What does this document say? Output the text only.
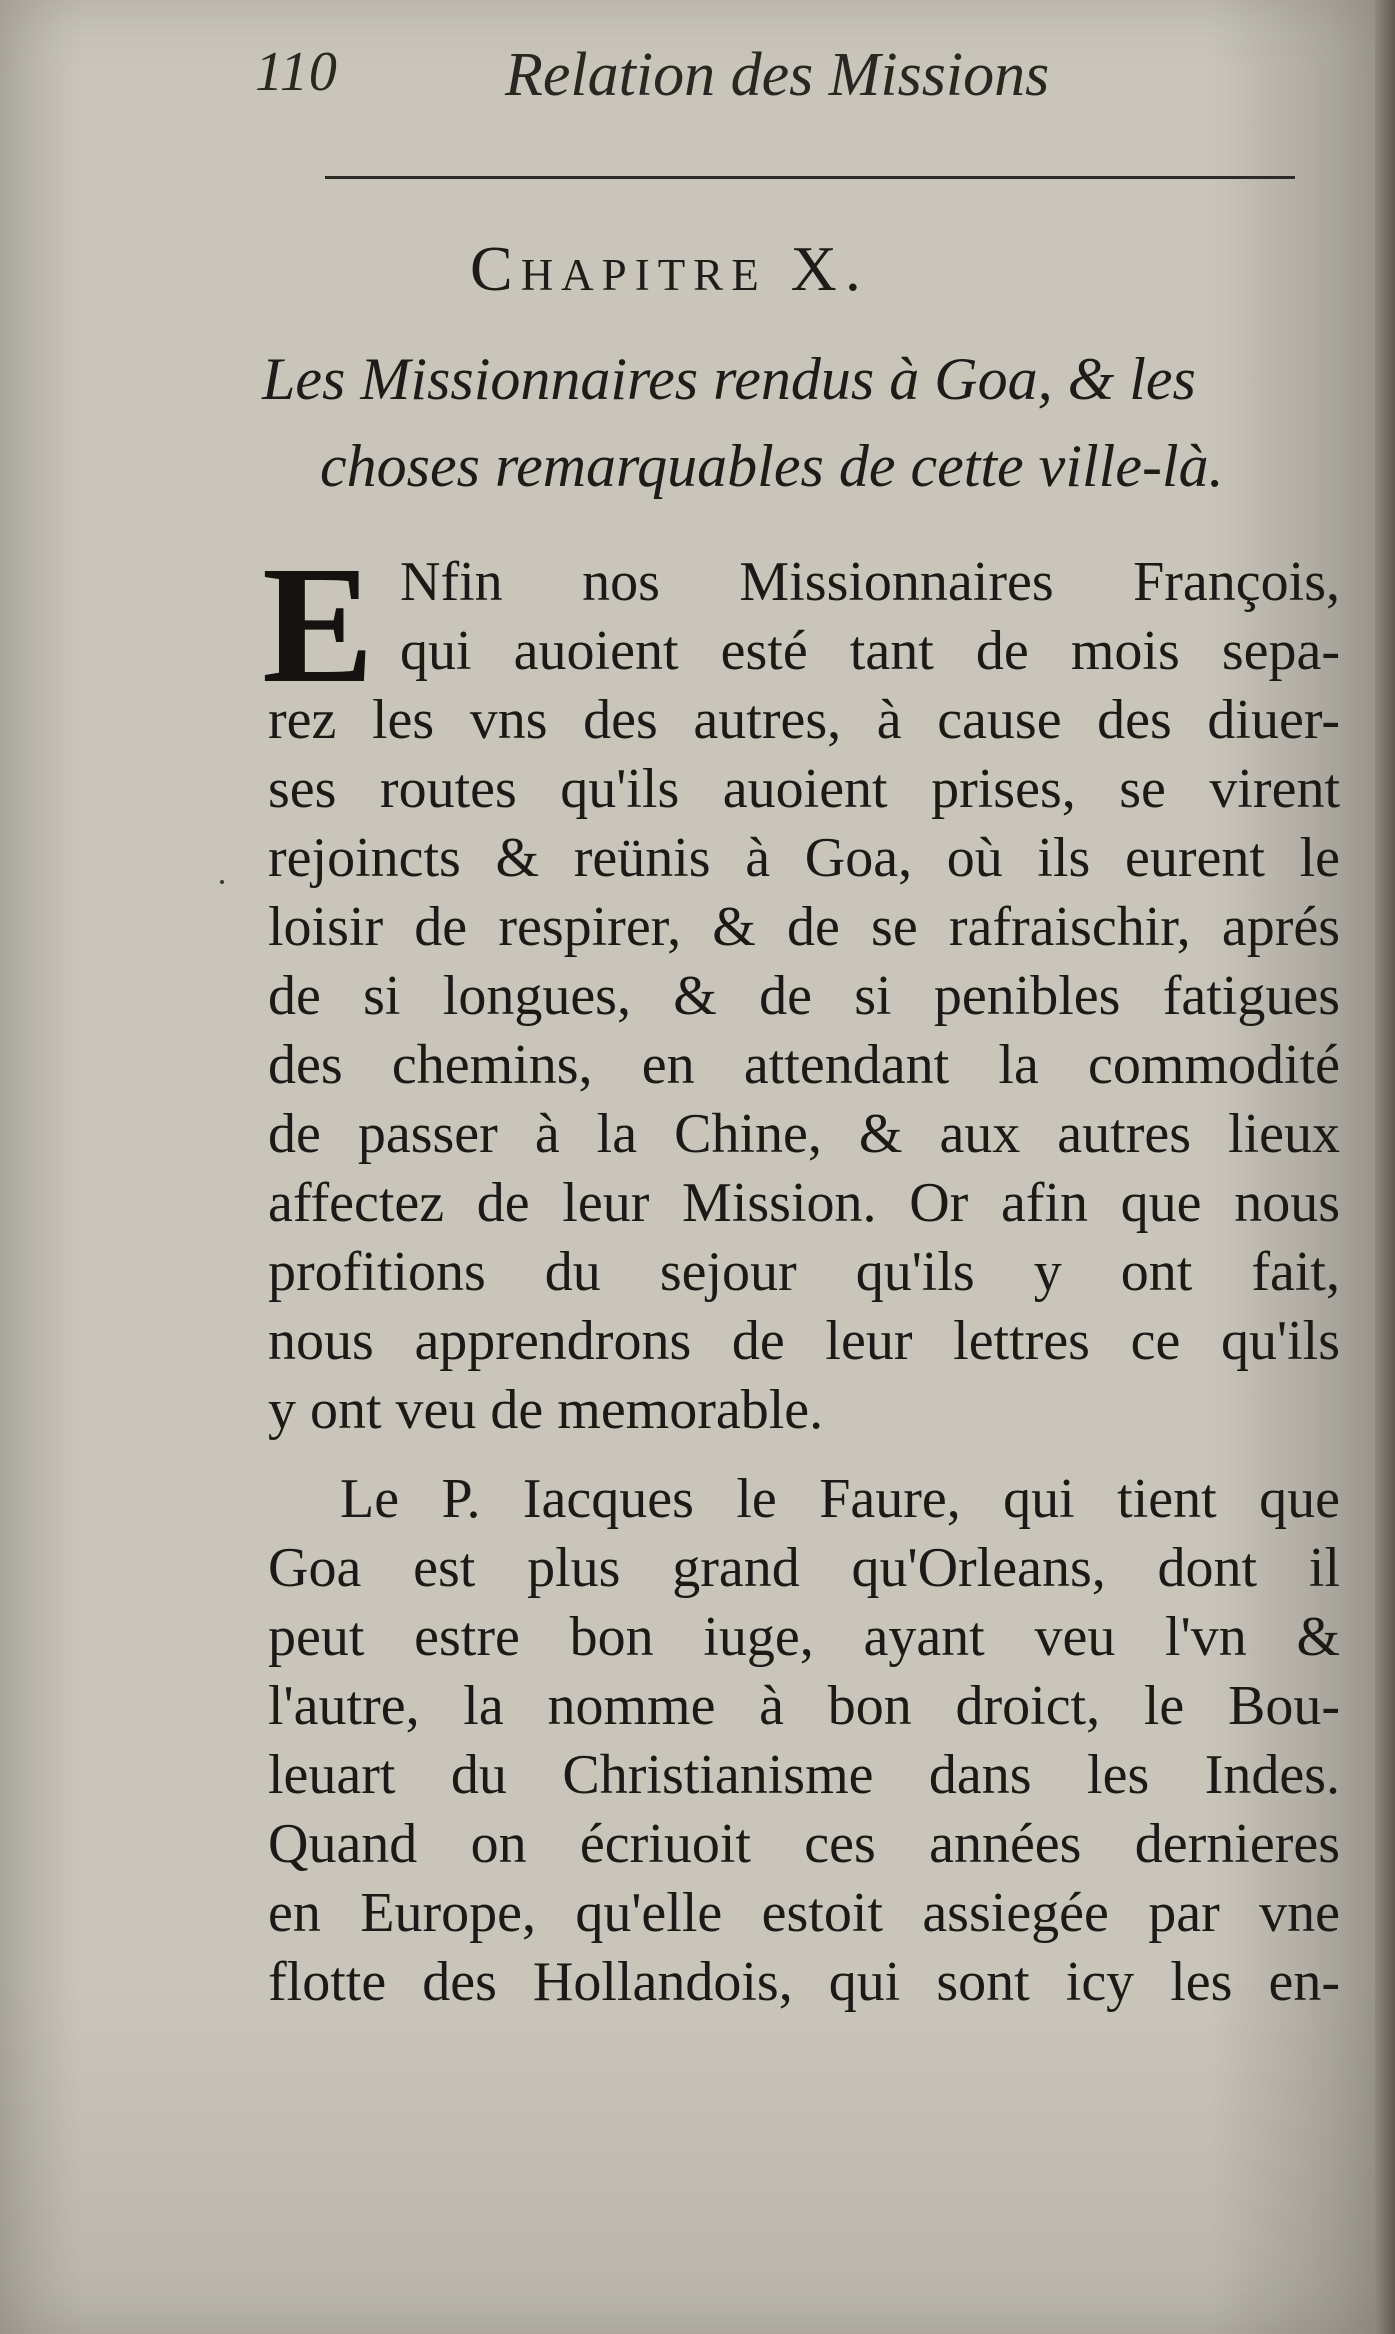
110	Relation des Missions
Chapitre X.
Les Missionnaires rendus à Goa, & les
choses remarquables de cette ville-là.
E Nfin nos Missionnaires François,
qui auoient esté tant de mois sepa-
rez les vns des autres, à cause des diuer-
ses routes qu'ils auoient prises, se virent
rejoincts & reünis à Goa, où ils eurent le
loisir de respirer, & de se rafraischir, aprés
de si longues, & de si penibles fatigues
des chemins, en attendant la commodité
de passer à la Chine, & aux autres lieux
affectez de leur Mission. Or afin que nous
profitions du sejour qu'ils y ont fait,
nous apprendrons de leur lettres ce qu'ils
y ont veu de memorable.
Le P. Iacques le Faure, qui tient que
Goa est plus grand qu'Orleans, dont il
peut estre bon iuge, ayant veu l'vn &
l'autre, la nomme à bon droict, le Bou-
leuart du Christianisme dans les Indes.
Quand on écriuoit ces années dernieres
en Europe, qu'elle estoit assiegée par vne
flotte des Hollandois, qui sont icy les en-
